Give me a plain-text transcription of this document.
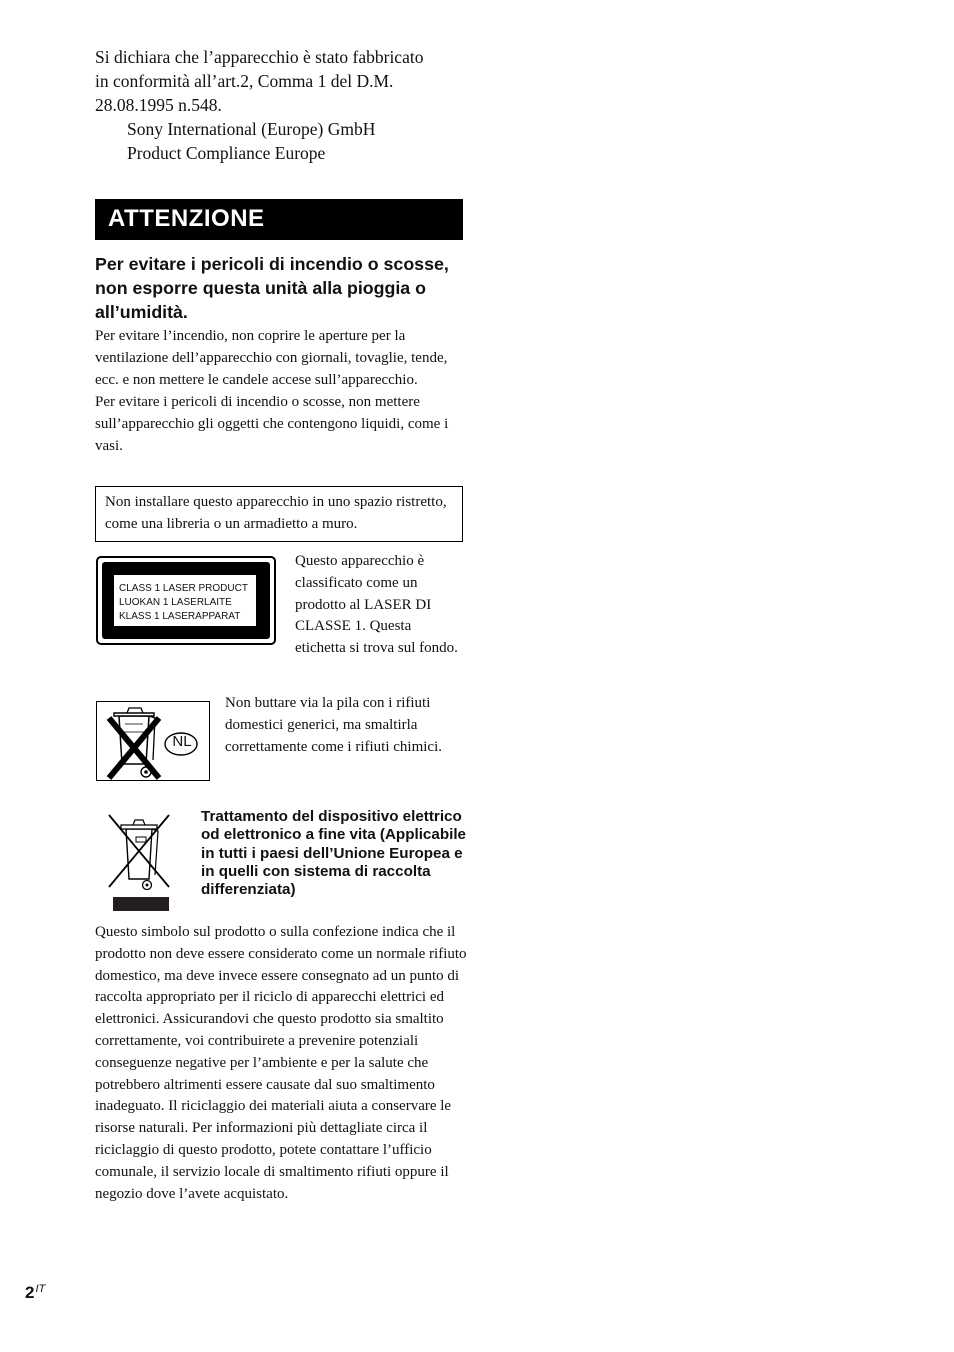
Si dichiara che l’apparecchio è stato fabbricato

in conformità all’art.2, Comma 1 del D.M.

28.08.1995 n.548.

Sony International (Europe) GmbH

Product Compliance Europe

ATTENZIONE
Per evitare i pericoli di incendio o scosse, non esporre questa unità alla pioggia o all’umidità.

Per evitare l’incendio, non coprire le aperture per la ventilazione dell’apparecchio con giornali, tovaglie, tende, ecc. e non mettere le candele accese sull’apparecchio.

Per evitare i pericoli di incendio o scosse, non mettere sull’apparecchio gli oggetti che contengono liquidi, come i vasi.

Non installare questo apparecchio in uno spazio ristretto, come una libreria o un armadietto a muro.
CLASS 1 LASER PRODUCT
LUOKAN 1 LASERLAITE
KLASS 1 LASERAPPARAT
Questo apparecchio è classificato come un prodotto al LASER DI CLASSE 1. Questa etichetta si trova sul fondo.
NL
Non buttare via la pila con i rifiuti domestici generici, ma smaltirla correttamente come i rifiuti chimici.
Trattamento del dispositivo elettrico od elettronico a fine vita (Applicabile in tutti i paesi dell’Unione Europea e in quelli con sistema di raccolta differenziata)
Questo simbolo sul prodotto o sulla confezione indica che il prodotto non deve essere considerato come un normale rifiuto domestico, ma deve invece essere consegnato ad un punto di raccolta appropriato per il riciclo di apparecchi elettrici ed elettronici. Assicurandovi che questo prodotto sia smaltito correttamente, voi contribuirete a prevenire potenziali conseguenze negative per l’ambiente e per la salute che potrebbero altrimenti essere causate dal suo smaltimento inadeguato. Il riciclaggio dei materiali aiuta a conservare le risorse naturali. Per informazioni più dettagliate circa il riciclaggio di questo prodotto, potete contattare l’ufficio comunale, il servizio locale di smaltimento rifiuti oppure il negozio dove l’avete acquistato.
$2^{IT}$
